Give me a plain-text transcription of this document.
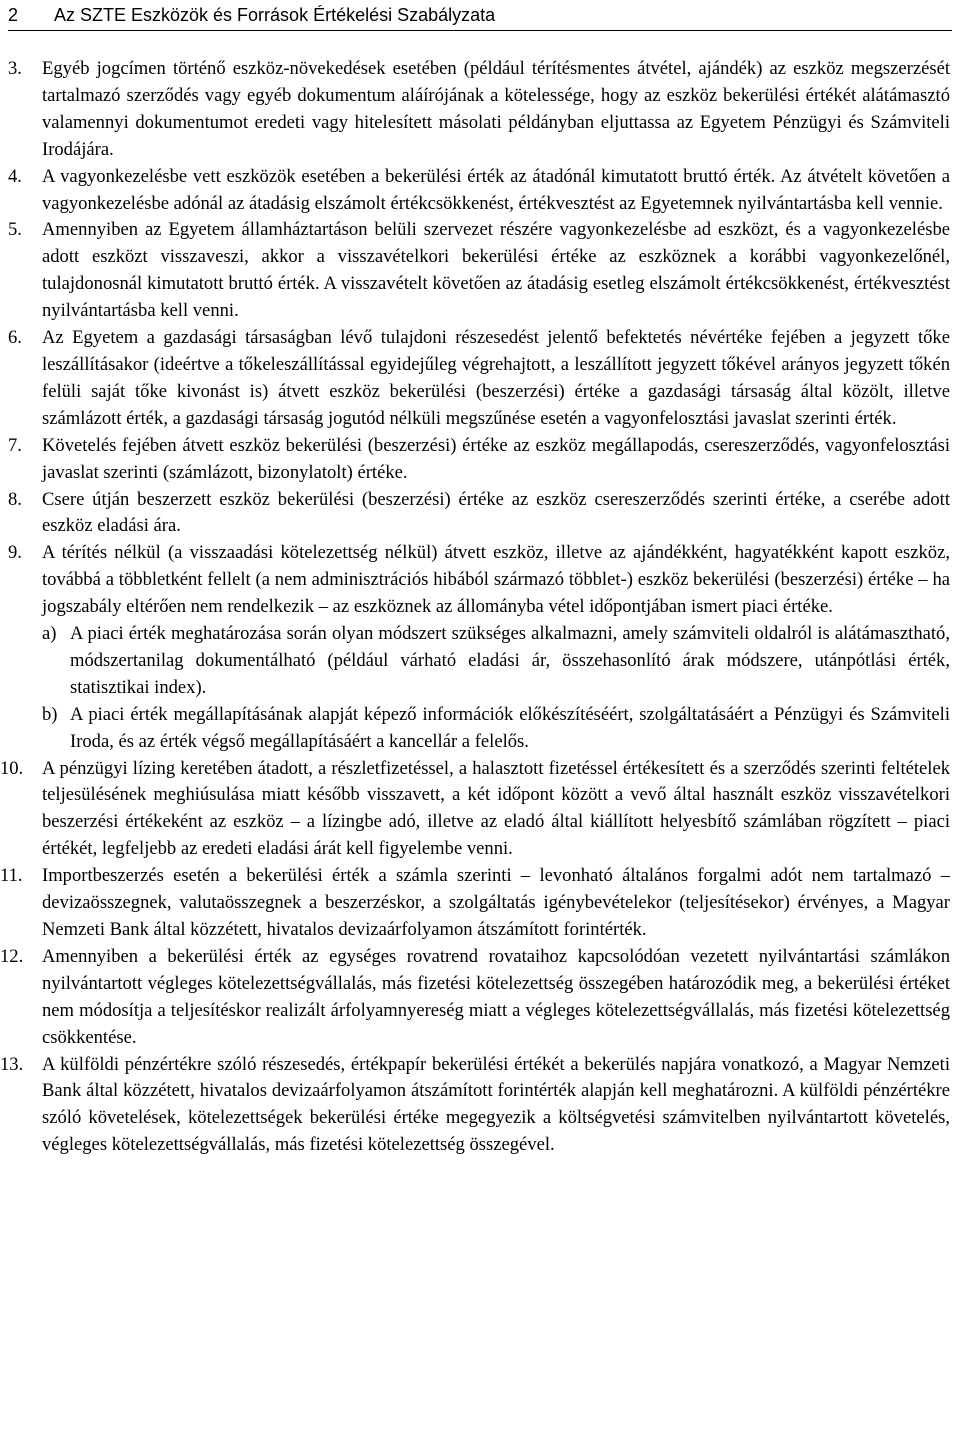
2 Az SZTE Eszközök és Források Értékelési Szabályzata
3.	Egyéb jogcímen történő eszköz-növekedések esetében (például térítésmentes átvétel, ajándék) az eszköz megszerzését tartalmazó szerződés vagy egyéb dokumentum aláírójának a kötelessége, hogy az eszköz bekerülési értékét alátámasztó valamennyi dokumentumot eredeti vagy hitelesített másolati példányban eljuttassa az Egyetem Pénzügyi és Számviteli Irodájára.

4.	A vagyonkezelésbe vett eszközök esetében a bekerülési érték az átadónál kimutatott bruttó érték. Az átvételt követően a vagyonkezelésbe adónál az átadásig elszámolt értékcsökkenést, értékvesztést az Egyetemnek nyilvántartásba kell vennie.

5.	Amennyiben az Egyetem államháztartáson belüli szervezet részére vagyonkezelésbe ad eszközt, és a vagyonkezelésbe adott eszközt visszaveszi, akkor a visszavételkori bekerülési értéke az eszköznek a korábbi vagyonkezelőnél, tulajdonosnál kimutatott bruttó érték. A visszavételt követően az átadásig esetleg elszámolt értékcsökkenést, értékvesztést nyilvántartásba kell venni.

6.	Az Egyetem a gazdasági társaságban lévő tulajdoni részesedést jelentő befektetés névértéke fejében a jegyzett tőke leszállításakor (ideértve a tőkeleszállítással egyidejűleg végrehajtott, a leszállított jegyzett tőkével arányos jegyzett tőkén felüli saját tőke kivonást is) átvett eszköz bekerülési (beszerzési) értéke a gazdasági társaság által közölt, illetve számlázott érték, a gazdasági társaság jogutód nélküli megszűnése esetén a vagyonfelosztási javaslat szerinti érték.

7.	Követelés fejében átvett eszköz bekerülési (beszerzési) értéke az eszköz megállapodás, csereszerződés, vagyonfelosztási javaslat szerinti (számlázott, bizonylatolt) értéke.

8.	Csere útján beszerzett eszköz bekerülési (beszerzési) értéke az eszköz csereszerződés szerinti értéke, a cserébe adott eszköz eladási ára.

9.	A térítés nélkül (a visszaadási kötelezettség nélkül) átvett eszköz, illetve az ajándékként, hagyatékként kapott eszköz, továbbá a többletként fellelt (a nem adminisztrációs hibából származó többlet-) eszköz bekerülési (beszerzési) értéke – ha jogszabály eltérően nem rendelkezik – az eszköznek az állományba vétel időpontjában ismert piaci értéke.

a) A piaci érték meghatározása során olyan módszert szükséges alkalmazni, amely számviteli oldalról is alátámasztható, módszertanilag dokumentálható (például várható eladási ár, összehasonlító árak módszere, utánpótlási érték, statisztikai index).

b) A piaci érték megállapításának alapját képező információk előkészítéséért, szolgáltatásáért a Pénzügyi és Számviteli Iroda, és az érték végső megállapításáért a kancellár a felelős.

10.	A pénzügyi lízing keretében átadott, a részletfizetéssel, a halasztott fizetéssel értékesített és a szerződés szerinti feltételek teljesülésének meghiúsulása miatt később visszavett, a két időpont között a vevő által használt eszköz visszavételkori beszerzési értékeként az eszköz – a lízingbe adó, illetve az eladó által kiállított helyesbítő számlában rögzített – piaci értékét, legfeljebb az eredeti eladási árát kell figyelembe venni.

11.	Importbeszerzés esetén a bekerülési érték a számla szerinti – levonható általános forgalmi adót nem tartalmazó – devizaösszegnek, valutaösszegnek a beszerzéskor, a szolgáltatás igénybevételekor (teljesítésekor) érvényes, a Magyar Nemzeti Bank által közzétett, hivatalos devizaárfolyamon átszámított forintérték.

12.	Amennyiben a bekerülési érték az egységes rovatrend rovataihoz kapcsolódóan vezetett nyilvántartási számlákon nyilvántartott végleges kötelezettségvállalás, más fizetési kötelezettség összegében határozódik meg, a bekerülési értéket nem módosítja a teljesítéskor realizált árfolyamnyereség miatt a végleges kötelezettségvállalás, más fizetési kötelezettség csökkentése.

13.	A külföldi pénzértékre szóló részesedés, értékpapír bekerülési értékét a bekerülés napjára vonatkozó, a Magyar Nemzeti Bank által közzétett, hivatalos devizaárfolyamon átszámított forintérték alapján kell meghatározni. A külföldi pénzértékre szóló követelések, kötelezettségek bekerülési értéke megegyezik a költségvetési számvitelben nyilvántartott követelés, végleges kötelezettségvállalás, más fizetési kötelezettség összegével.
